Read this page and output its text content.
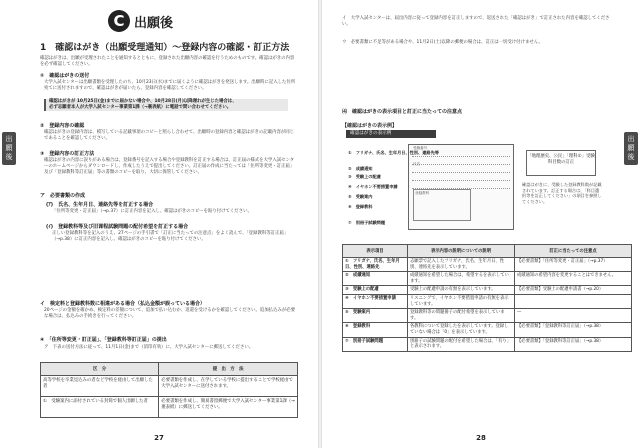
出
願
後
C 出願後
1　確認はがき（出願受理通知）～登録内容の確認・訂正方法
確認はがきは、出願が受理されたことを通知するとともに、登録された出願内容の確認を行うためのものです。確認はがきの内容を必ず確認してください。
①　確認はがきの送付
大学入試センターは出願書類を受理したのち、10月23日(水)までに届くように確認はがきを発送します。出願時に記入した住所宛てに送付されますので、確認はがきが届いたら、登録内容を確認してください。
確認はがきが 10月25日(金)までに届かない場合や、10月28日(月)以降遅れが生じた場合は、
必ず志願者本人が大学入試センター事業第1課（→裏表紙）に電話で問い合わせてください。
②　登録内容の確認
確認はがきの登録内容は、模写している記載事項のコピーと照らし合わせて、出願時の登録内容と確認はがきの記載内容が同じであることを確認してください。
③　登録内容の訂正方法
確認はがきの内容に誤りがある場合は、登録番号を記入する場合や登録教科を訂正する場合は、訂正届の様式を大学入試センターのホームページからダウンロードし、作成したうえで提出してください。訂正届の作成に当たっては「住所等変更・訂正届」及び「登録教科等訂正届」等の書類のコピーを取り、大切に保管してください。
ア　必要書類の作成
(ｱ)　氏名、生年月日、連絡先等を訂正する場合
「住所等変更・訂正届」（→p.37）に訂正内容を記入し、確認はがきのコピーを貼り付けてください。
(ｲ)　登録教科等及び旧课程試験問題の配付希望を訂正する場合
正しい登録教科等を記入のうえ、27ページの手引書で「訂正に当たっての注意点」をよく読んで、「登録教科等訂正届」（→p.38）に訂正内容を記入し、確認はがきのコピーを貼り付けてください。
イ　検定料と登録教科数に相違がある場合（払込金額が誤っている場合）
20ページの金額を確かめ、検定料の差額について、追加で払い込むか、返還を受けるかを確認してください。追加払込みが必要な場合は、払込みの手続きを行ってください。
④　「住所等変更・訂正届」、「登録教科等訂正届」の提出
ア　下表の送付方法に従って、11月1日(金)まで（消印有効）に、大学入試センターに郵送してください。
区　分	提　出　方　法
高等学校を卒業見込みの者など学校を経由して出願した者	必要書類を作成し、在学している学校に提出することで学校経由で大学入試センターに送付されます。
①　受験案内に添付されている封筒で個人出願した者	必要書類を作成し、簡易書留郵便で大学入試センター事業第1課（→裏表紙）に郵送してください。
27
出
願
後
イ　大学入試センターは、届出内容に従って登録内容を訂正しますので、返送された「確認はがき」で訂正された内容を確認してください。
ウ　必要書類に不足等がある場合や、11月2日(土)以降の郵便の場合は、訂正は一切受け付けません。
⑷　確認はがきの表示項目と訂正に当たっての注意点
【確認はがきの表示例】
確認はがきの表示例
受験番号
氏名
登録教科
①　フリガナ、氏名、生年月日、性別、連絡先等
②　成績通知
③　受験上の配慮
④　イヤホン不要措置申請
⑤　受験案内
⑥　登録教科
⑦　別冊子試験問題
「地理歴史、公民」「理科②」受験科目数の訂正
確認はがきに、受験した登録教科数が記載されています。訂正する場合は、「科目選択等を訂正してください」の項目を参照してください。
表示項目	表示内容の説明についての説明	訂正に当たっての注意点
①　フリガナ、氏名、生年月日、性別、連絡先	志願票で記入したフリガナ、氏名、生年月日、性別、連絡先を表示しています。	【必要書類】「住所等変更・訂正届」（→p.37）
②　成績通知	成績通知を希望した場合は、希望するを表示しています。	成績通知の希望内容を変更することはできません。
③　受験上の配慮	受験上の配慮申請の有無を表示しています。	【必要書類】受験上の配慮申請書（→p.20）
④　イヤホン不要措置申請	リスニングで、イヤホン不要措置申請の有無を表示しています。	
⑤　受験案内	登録教科等の問題冊子の配付希望を表示しています。	—
⑥　登録教科	各教科について登録したを表示しています。登録していない場合は「0」を表示しています。	【必要書類】「登録教科等訂正届」（→p.38）
⑦　別冊子試験問題	別冊子の試験問題の配付を希望した場合は、「有り」と表示されます。	【必要書類】「登録教科等訂正届」（→p.38）
28
